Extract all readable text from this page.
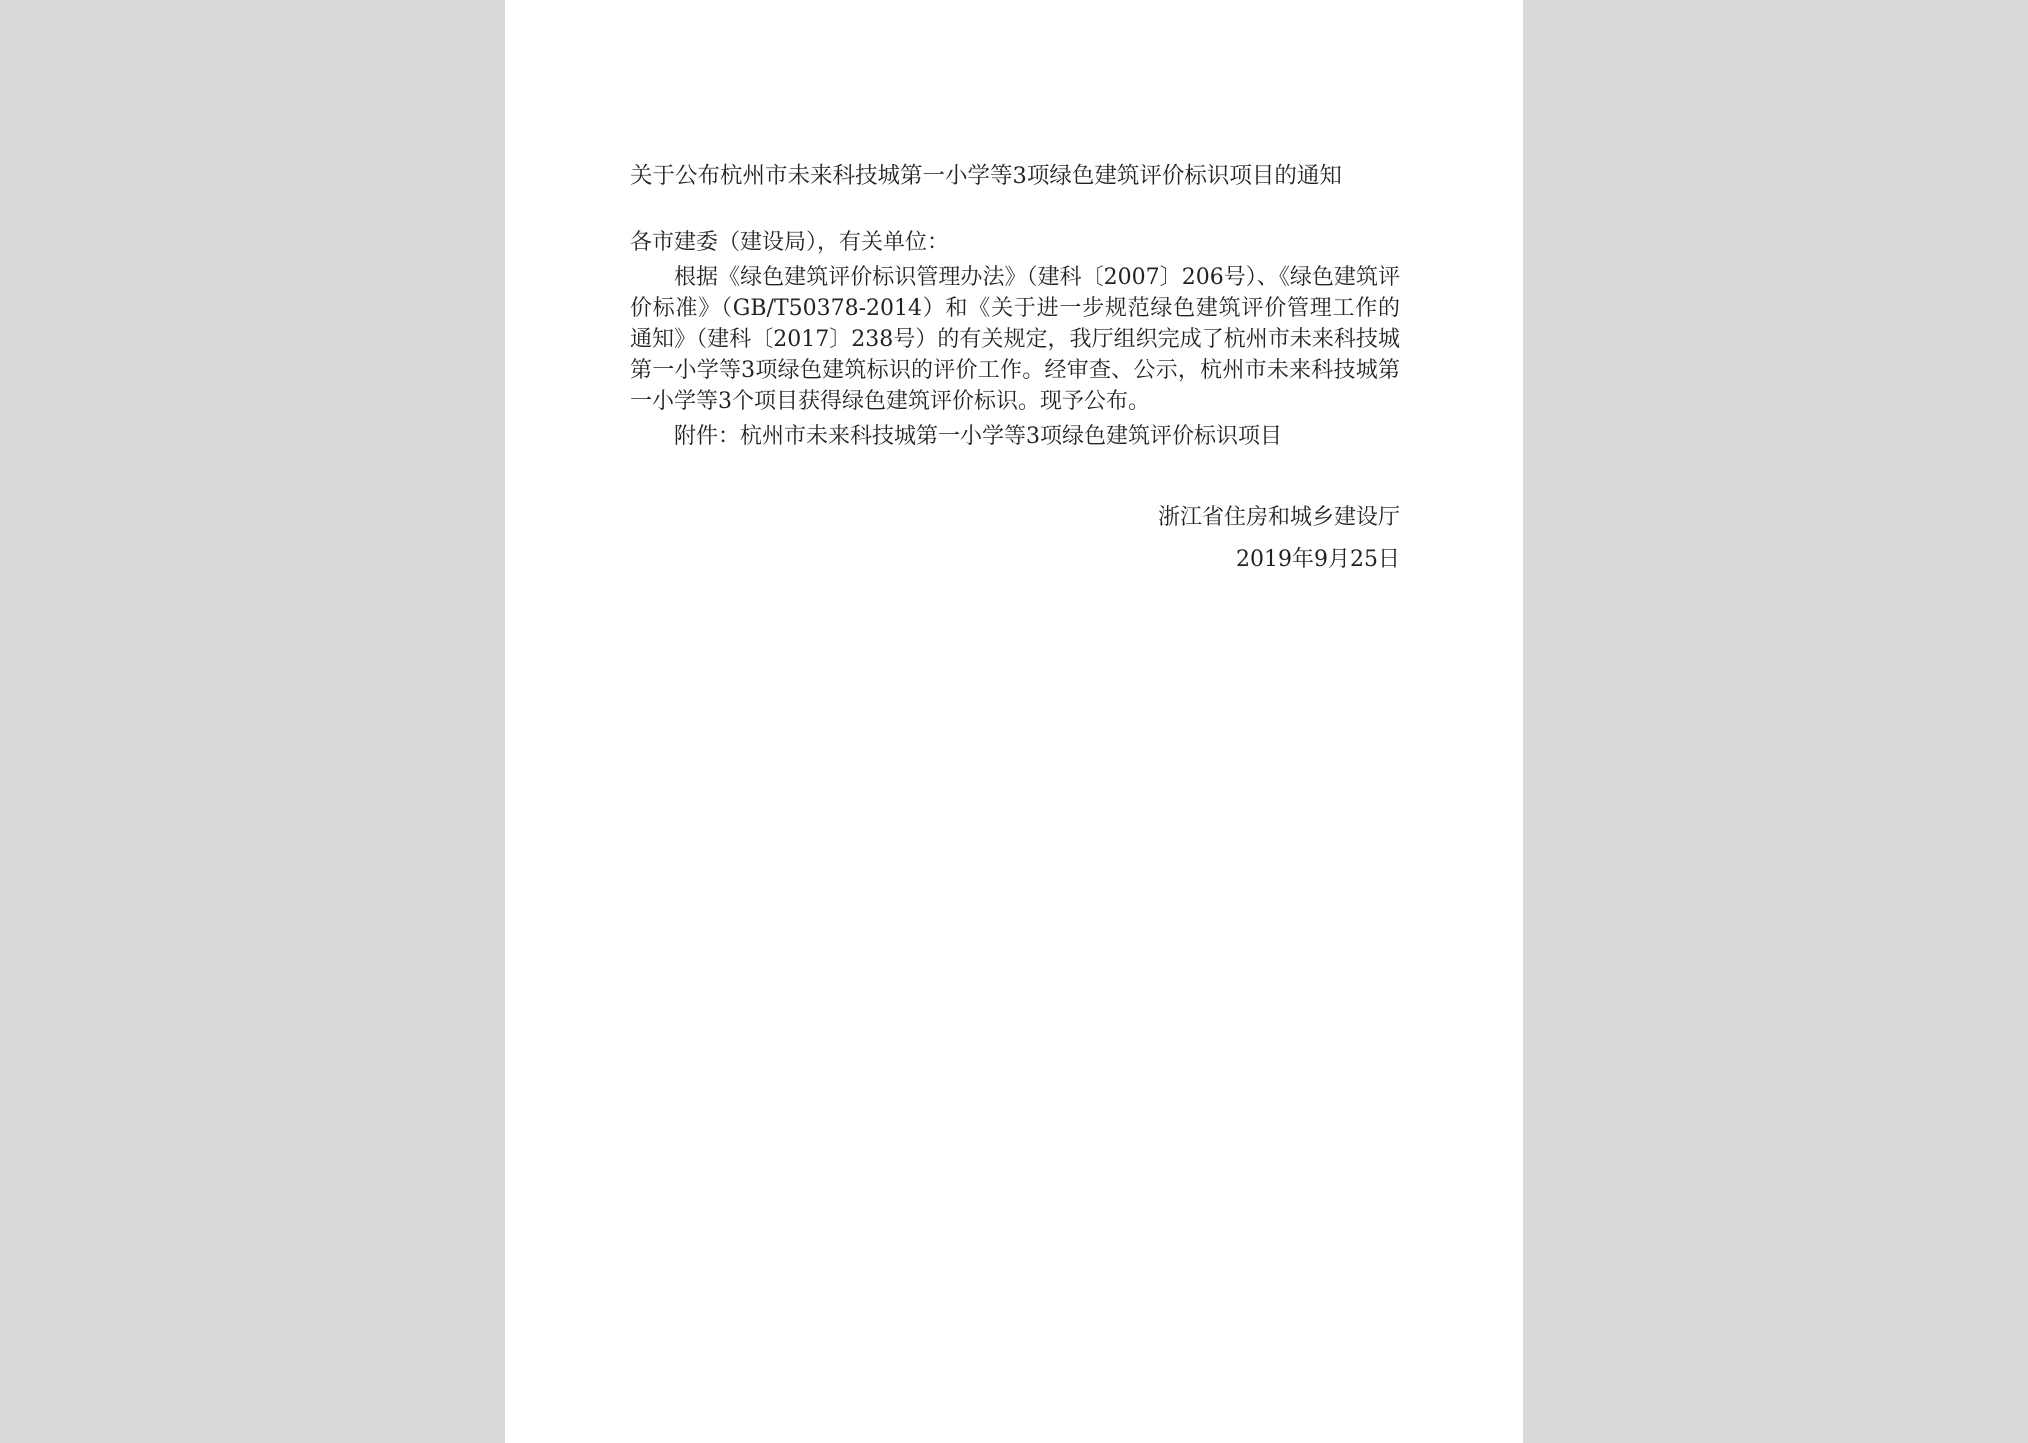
关于公布杭州市未来科技城第一小学等3项绿色建筑评价标识项目的通知

各市建委（建设局），有关单位：

根据《绿色建筑评价标识管理办法》（建科〔2007〕206号）、《绿色建筑评价标准》（GB/T50378-2014）和《关于进一步规范绿色建筑评价管理工作的通知》（建科〔2017〕238号）的有关规定，我厅组织完成了杭州市未来科技城第一小学等3项绿色建筑标识的评价工作。经审查、公示，杭州市未来科技城第一小学等3个项目获得绿色建筑评价标识。现予公布。

附件：杭州市未来科技城第一小学等3项绿色建筑评价标识项目

浙江省住房和城乡建设厅
2019年9月25日
